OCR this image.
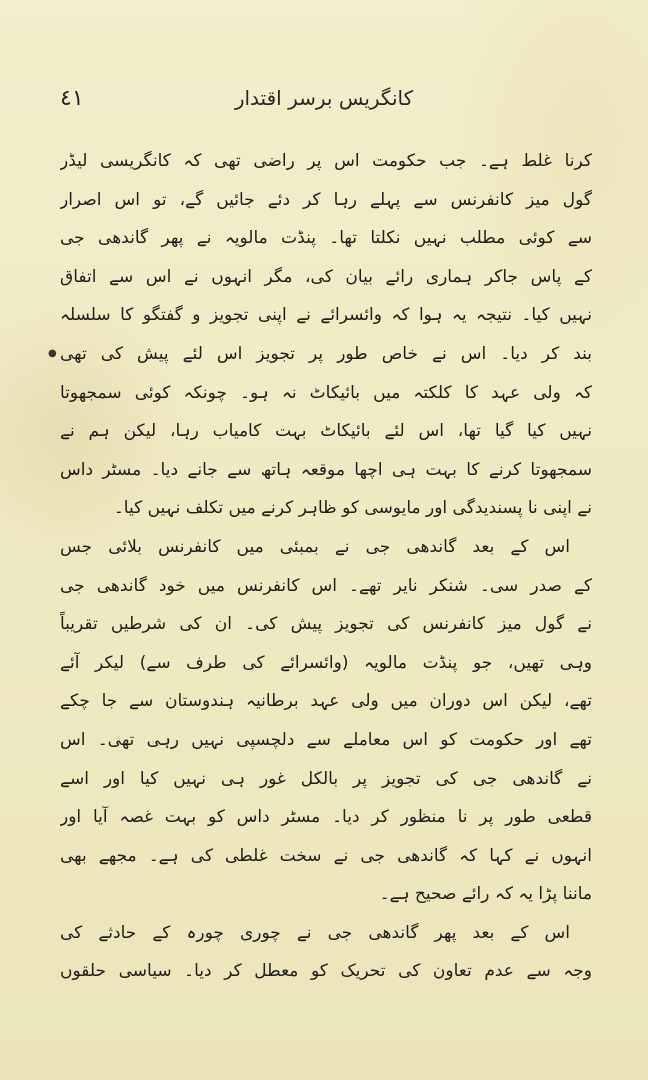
٤١	کانگریس برسر اقتدار
●
کرنا غلط ہے۔ جب حکومت اس پر راضی تھی کہ کانگریسی لیڈر
گول میز کانفرنس سے پہلے رہا کر دئے جائیں گے، تو اس اصرار
سے کوئی مطلب نہیں نکلتا تھا۔ پنڈت مالویہ نے پھر گاندھی جی
کے پاس جاکر ہماری رائے بیان کی، مگر انہوں نے اس سے اتفاق
نہیں کیا۔ نتیجہ یہ ہوا کہ وائسرائے نے اپنی تجویز و گفتگو کا سلسلہ
بند کر دیا۔ اس نے خاص طور پر تجویز اس لئے پیش کی تھی
کہ ولی عہد کا کلکتہ میں بائیکاٹ نہ ہو۔ چونکہ کوئی سمجھوتا
نہیں کیا گیا تھا، اس لئے بائیکاٹ بہت کامیاب رہا، لیکن ہم نے
سمجھوتا کرنے کا بہت ہی اچھا موقعہ ہاتھ سے جانے دیا۔ مسٹر داس
نے اپنی نا پسندیدگی اور مایوسی کو ظاہر کرنے میں تکلف نہیں کیا۔
اس کے بعد گاندھی جی نے بمبئی میں کانفرنس بلائی جس
کے صدر سی۔ شنکر نایر تھے۔ اس کانفرنس میں خود گاندھی جی
نے گول میز کانفرنس کی تجویز پیش کی۔ ان کی شرطیں تقریباً
وہی تھیں، جو پنڈت مالویہ (وائسرائے کی طرف سے) لیکر آئے
تھے، لیکن اس دوران میں ولی عہد برطانیہ ہندوستان سے جا چکے
تھے اور حکومت کو اس معاملے سے دلچسپی نہیں رہی تھی۔ اس
نے گاندھی جی کی تجویز پر بالکل غور ہی نہیں کیا اور اسے
قطعی طور پر نا منظور کر دیا۔ مسٹر داس کو بہت غصہ آیا اور
انہوں نے کہا کہ گاندھی جی نے سخت غلطی کی ہے۔ مجھے بھی
ماننا پڑا یہ کہ رائے صحیح ہے۔
اس کے بعد پھر گاندھی جی نے چوری چورہ کے حادثے کی
وجہ سے عدم تعاون کی تحریک کو معطل کر دیا۔ سیاسی حلقوں
